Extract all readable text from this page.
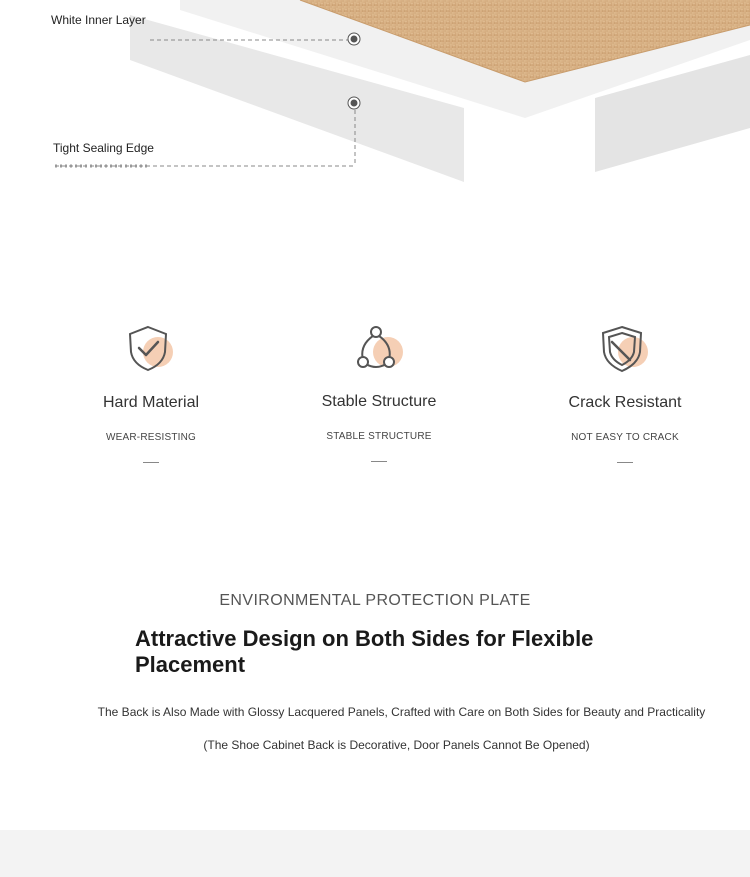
White Inner Layer
Tight Sealing Edge
Hard Material
WEAR-RESISTING
Stable Structure
STABLE STRUCTURE
Crack Resistant
NOT EASY TO CRACK
ENVIRONMENTAL PROTECTION PLATE
Attractive Design on Both Sides for Flexible
Placement
The Back is Also Made with Glossy Lacquered Panels, Crafted with Care on Both Sides for Beauty and Practicality
(The Shoe Cabinet Back is Decorative, Door Panels Cannot Be Opened)
